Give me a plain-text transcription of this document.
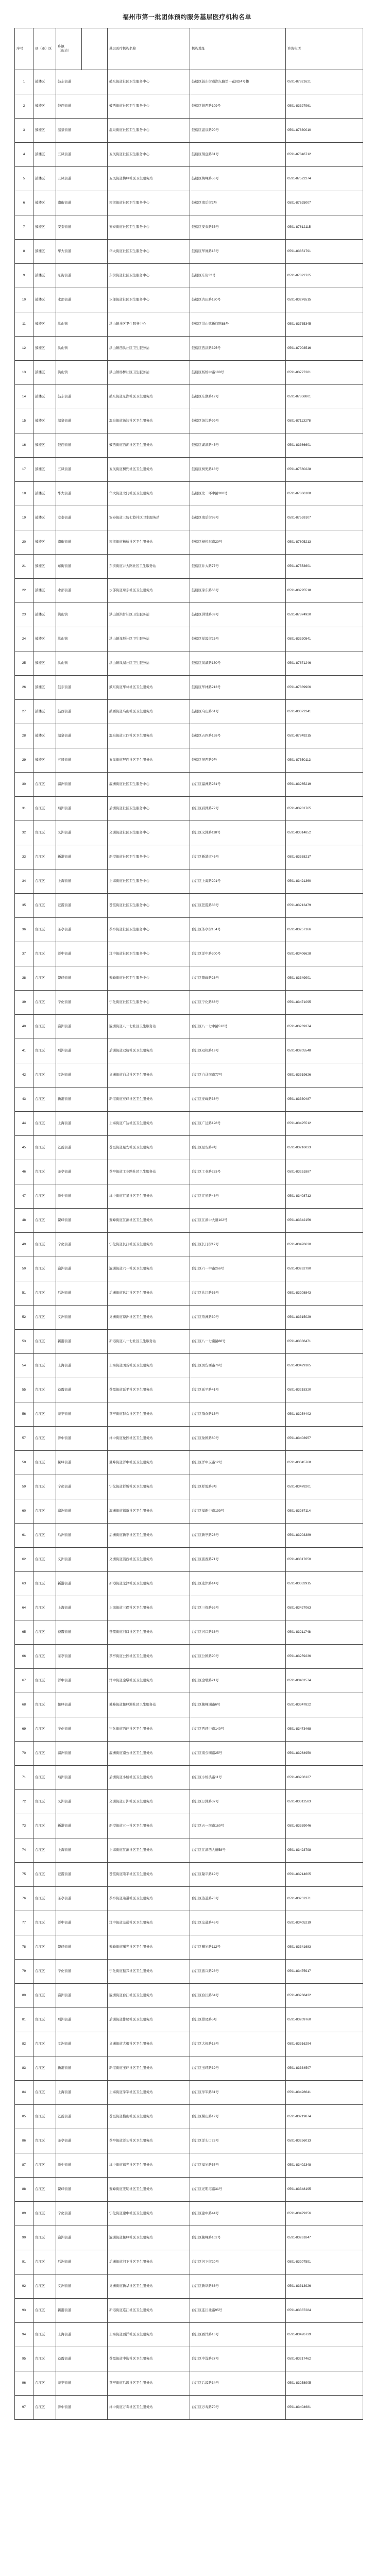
福州市第一批团体预约服务基层医疗机构名单
序号	县（市）区	乡镇
（街道）		基层医疗机构名称	机构地址	咨询电话
1	鼓楼区	鼓东街道		鼓东街道社区卫生服务中心	鼓楼区鼓东街道湖东路第一花园24号楼	0591-87821621
2	鼓楼区	鼓西街道		鼓西街道社区卫生服务中心	鼓楼区鼓西路109号	0591-83327961
3	鼓楼区	温泉街道		温泉街道社区卫生服务中心	鼓楼区温泉路90号	0591-87830010
4	鼓楼区	五凤街道		五凤街道社区卫生服务中心	鼓楼区铜盘路81号	0591-87846712
5	鼓楼区	五凤街道		五凤街道梅峰社区卫生服务站	鼓楼区梅峰路56号	0591-87522274
6	鼓楼区	南街街道		南街街道社区卫生服务中心	鼓楼区南后街2号	0591-87625007
7	鼓楼区	安泰街道		安泰街道社区卫生服务中心	鼓楼区安泰路55号	0591-87612115
8	鼓楼区	华大街道		华大街道社区卫生服务中心	鼓楼区华屏路15号	0591-83851791
9	鼓楼区	东街街道		东街街道社区卫生服务中心	鼓楼区东街32号	0591-87822725
10	鼓楼区	水部街道		水部街道社区卫生服务中心	鼓楼区古田路130号	0591-83276515
11	鼓楼区	洪山镇		洪山镇社区卫生服务中心	鼓楼区洪山镇新店路88号	0591-83735345
12	鼓楼区	洪山镇		洪山镇西洪社区卫生服务站	鼓楼区西洪路325号	0591-87903516
13	鼓楼区	洪山镇		洪山镇杨桥社区卫生服务站	鼓楼区杨桥中路188号	0591-83727281
14	鼓楼区	鼓东街道		鼓东街道东湖社区卫生服务站	鼓楼区东湖路12号	0591-87858801
15	鼓楼区	温泉街道		温泉街道汤边社区卫生服务站	鼓楼区汤边路99号	0591-87113278
16	鼓楼区	鼓西街道		鼓西街道西湖社区卫生服务站	鼓楼区湖滨路45号	0591-83366601
17	鼓楼区	五凤街道		五凤街道树兜社区卫生服务站	鼓楼区树兜路18号	0591-87560228
18	鼓楼区	华大街道		华大街道北门社区卫生服务站	鼓楼区北二环中路200号	0591-87866108
19	鼓楼区	安泰街道		安泰街道三坊七巷社区卫生服务站	鼓楼区南后街98号	0591-87559107
20	鼓楼区	南街街道		南街街道杨桥社区卫生服务站	鼓楼区杨桥东路20号	0591-87605213
21	鼓楼区	东街街道		东街街道井大路社区卫生服务站	鼓楼区井大路77号	0591-87553601
22	鼓楼区	水部街道		水部街道琼东社区卫生服务站	鼓楼区琼东路66号	0591-83295518
23	鼓楼区	洪山镇		洪山镇洪甘社区卫生服务站	鼓楼区洪甘路39号	0591-87874920
24	鼓楼区	洪山镇		洪山镇祥坂社区卫生服务站	鼓楼区祥坂街25号	0591-83320541
25	鼓楼区	洪山镇		洪山镇凤湖社区卫生服务站	鼓楼区凤湖路150号	0591-87871246
26	鼓楼区	鼓东街道		鼓东街道华林社区卫生服务站	鼓楼区华林路213号	0591-87839906
27	鼓楼区	鼓西街道		鼓西街道乌山社区卫生服务站	鼓楼区乌山路61号	0591-83372241
28	鼓楼区	温泉街道		温泉街道五四社区卫生服务站	鼓楼区五四路158号	0591-87849215
29	鼓楼区	五凤街道		五凤街道屏西社区卫生服务站	鼓楼区屏西路9号	0591-87550113
30	台江区	瀛洲街道		瀛洲街道社区卫生服务中心	台江区瀛洲路231号	0591-83265219
31	台江区	后洲街道		后洲街道社区卫生服务中心	台江区后洲路72号	0591-83201765
32	台江区	义洲街道		义洲街道社区卫生服务中心	台江区义洲路118号	0591-83314852
33	台江区	新港街道		新港街道社区卫生服务中心	台江区新港道45号	0591-83338217
34	台江区	上海街道		上海街道社区卫生服务中心	台江区上海路201号	0591-83421360
35	台江区	苍霞街道		苍霞街道社区卫生服务中心	台江区苍霞路88号	0591-83213479
36	台江区	茶亭街道		茶亭街道社区卫生服务中心	台江区茶亭街154号	0591-83257166
37	台江区	洋中街道		洋中街道社区卫生服务中心	台江区洋中路300号	0591-83406628
38	台江区	鳌峰街道		鳌峰街道社区卫生服务中心	台江区鳌峰路23号	0591-83349901
39	台江区	宁化街道		宁化街道社区卫生服务中心	台江区宁化路66号	0591-83471095
40	台江区	瀛洲街道		瀛洲街道八一七社区卫生服务站	台江区八一七中路512号	0591-83269374
41	台江区	后洲街道		后洲街道双杭社区卫生服务站	台江区双杭路19号	0591-83205548
42	台江区	义洲街道		义洲街道白马社区卫生服务站	台江区白马南路77号	0591-83319626
43	台江区	新港街道		新港街道亚峰社区卫生服务站	台江区亚峰路36号	0591-83330487
44	台江区	上海街道		上海街道广达社区卫生服务站	台江区广达路128号	0591-83425512
45	台江区	苍霞街道		苍霞街道星安社区卫生服务站	台江区星安路9号	0591-83216033
46	台江区	茶亭街道		茶亭街道工业路社区卫生服务站	台江区工业路233号	0591-83251887
47	台江区	洋中街道		洋中街道红星社区卫生服务站	台江区红星路48号	0591-83408712
48	台江区	鳌峰街道		鳌峰街道江滨社区卫生服务站	台江区江滨中大道102号	0591-83342156
49	台江区	宁化街道		宁化街道长汀社区卫生服务站	台江区长汀街17号	0591-83476630
50	台江区	瀛洲街道		瀛洲街道六一社区卫生服务站	台江区六一中路266号	0591-83262790
51	台江区	后洲街道		后洲街道达江社区卫生服务站	台江区达江路55号	0591-83208843
52	台江区	义洲街道		义洲街道帮洲社区卫生服务站	台江区帮洲路30号	0591-83315029
53	台江区	新港街道		新港街道八一七社区卫生服务站	台江区八一七南路88号	0591-83336471
54	台江区	上海街道		上海街道国货社区卫生服务站	台江区国货西路76号	0591-83429185
55	台江区	苍霞街道		苍霞街道延平社区卫生服务站	台江区延平路41号	0591-83218320
56	台江区	茶亭街道		茶亭街道群众社区卫生服务站	台江区群众路15号	0591-83254402
57	台江区	洋中街道		洋中街道象园社区卫生服务站	台江区象园路60号	0591-83403957
58	台江区	鳌峰街道		鳌峰街道洋中社区卫生服务站	台江区洋中支路12号	0591-83345768
59	台江区	宁化街道		宁化街道祥坂社区卫生服务站	台江区祥坂路8号	0591-83478201
60	台江区	瀛洲街道		瀛洲街道福新社区卫生服务站	台江区福新中路199号	0591-83267114
61	台江区	后洲街道		后洲街道新亭社区卫生服务站	台江区新亭路26号	0591-83203389
62	台江区	义洲街道		义洲街道浦西社区卫生服务站	台江区浦西路71号	0591-83317650
63	台江区	新港街道		新港街道龙津社区卫生服务站	台江区龙津路14号	0591-83332915
64	台江区	上海街道		上海街道三保社区卫生服务站	台江区三保路52号	0591-83427063
65	台江区	苍霞街道		苍霞街道河口社区卫生服务站	台江区河口路33号	0591-83211748
66	台江区	茶亭街道		茶亭街道公园社区卫生服务站	台江区公园路90号	0591-83259236
67	台江区	洋中街道		洋中街道金墩社区卫生服务站	台江区金墩路21号	0591-83401574
68	台江区	鳌峰街道		鳌峰街道鳌峰洲社区卫生服务站	台江区鳌峰洲路6号	0591-83347822
69	台江区	宁化街道		宁化街道西环社区卫生服务站	台江区西环中路140号	0591-83473468
70	台江区	瀛洲街道		瀛洲街道南公社区卫生服务站	台江区南公园路25号	0591-83264950
71	台江区	后洲街道		后洲街道小桥社区卫生服务站	台江区小桥头路11号	0591-83206127
72	台江区	义洲街道		义洲街道汀洲社区卫生服务站	台江区汀洲路37号	0591-83312583
73	台江区	新港街道		新港街道五一社区卫生服务站	台江区五一南路160号	0591-83339046
74	台江区	上海街道		上海街道江滨社区卫生服务站	台江区江滨西大道58号	0591-83423798
75	台江区	苍霞街道		苍霞街道隆平社区卫生服务站	台江区隆平路19号	0591-83214605
76	台江区	茶亭街道		茶亭街道达道社区卫生服务站	台江区达道路73号	0591-83252371
77	台江区	洋中街道		洋中街道交通社区卫生服务站	台江区交通路46号	0591-83405219
78	台江区	鳌峰街道		鳌峰街道曙光社区卫生服务站	台江区曙光路112号	0591-83341683
79	台江区	宁化街道		宁化街道振兴社区卫生服务站	台江区振兴路28号	0591-83475917
80	台江区	瀛洲街道		瀛洲街道台江社区卫生服务站	台江区台江路64号	0591-83268432
81	台江区	后洲街道		后洲街道排尾社区卫生服务站	台江区排尾路5号	0591-83209760
82	台江区	义洲街道		义洲街道大根社区卫生服务站	台江区大根路18号	0591-83316294
83	台江区	新港街道		新港街道玉环社区卫生服务站	台江区玉环路39号	0591-83334507
84	台江区	上海街道		上海街道学军社区卫生服务站	台江区学军路81号	0591-83428641
85	台江区	苍霞街道		苍霞街道横山社区卫生服务站	台江区横山路12号	0591-83219874
86	台江区	茶亭街道		茶亭街道洋头社区卫生服务站	台江区洋头口22号	0591-83256013
87	台江区	洋中街道		洋中街道福光社区卫生服务站	台江区福光路57号	0591-83402348
88	台江区	鳌峰街道		鳌峰街道光明社区卫生服务站	台江区光明港路31号	0591-83348195
89	台江区	宁化街道		宁化街道建中社区卫生服务站	台江区建中路44号	0591-83479356
90	台江区	瀛洲街道		瀛洲街道鳌峰社区卫生服务站	台江区鳌峰路102号	0591-83261847
91	台江区	后洲街道		后洲街道河下社区卫生服务站	台江区河下街20号	0591-83207591
92	台江区	义洲街道		义洲街道新华社区卫生服务站	台江区新华路63号	0591-83313926
93	台江区	新港街道		新港街道连江社区卫生服务站	台江区连江北路95号	0591-83337284
94	台江区	上海街道		上海街道西洋社区卫生服务站	台江区西洋路16号	0591-83426739
95	台江区	苍霞街道		苍霞街道中选社区卫生服务站	台江区中选路27号	0591-83217462
96	台江区	茶亭街道		茶亭街道后坂社区卫生服务站	台江区后坂路34号	0591-83258905
97	台江区	洋中街道		洋中街道万寿社区卫生服务站	台江区万寿路70号	0591-83404681
